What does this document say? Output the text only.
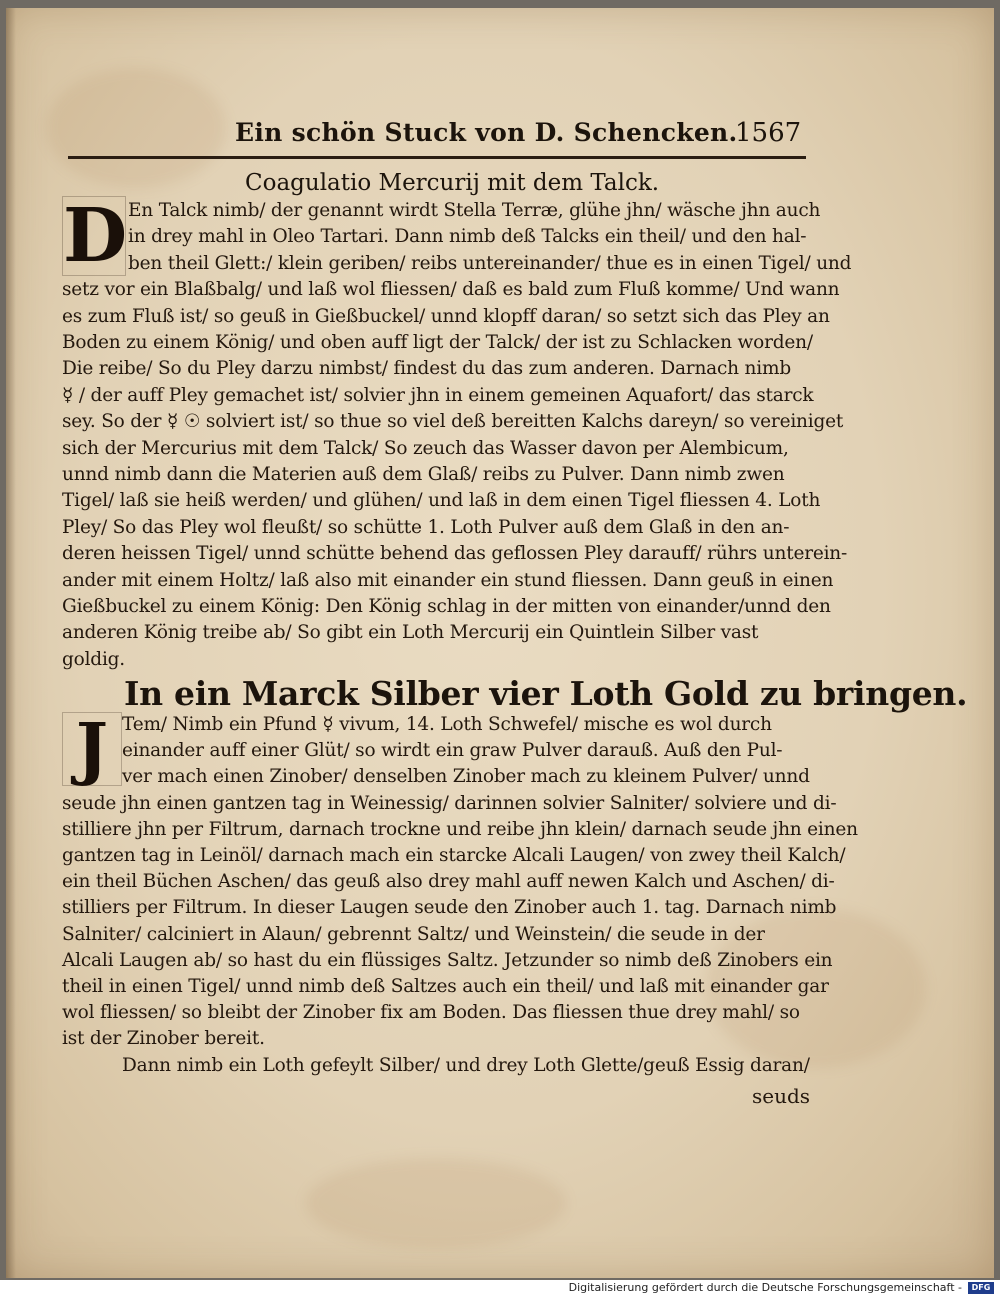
Ein schön Stuck von D. Schencken.
1567
Coagulatio Mercurij mit dem Talck.
D En Talck nimb/ der genannt wirdt Stella Terræ, glühe jhn/ wäsche jhn auch
in drey mahl in Oleo Tartari. Dann nimb deß Talcks ein theil/ und den hal-
ben theil Glett:/ klein geriben/ reibs untereinander/ thue es in einen Tigel/ und
setz vor ein Blaßbalg/ und laß wol fliessen/ daß es bald zum Fluß komme/ Und wann
es zum Fluß ist/ so geuß in Gießbuckel/ unnd klopff daran/ so setzt sich das Pley an
Boden zu einem König/ und oben auff ligt der Talck/ der ist zu Schlacken worden/
Die reibe/ So du Pley darzu nimbst/ findest du das zum anderen. Darnach nimb
☿ / der auff Pley gemachet ist/ solvier jhn in einem gemeinen Aquafort/ das starck
sey. So der ☿ ☉ solviert ist/ so thue so viel deß bereitten Kalchs dareyn/ so vereiniget
sich der Mercurius mit dem Talck/ So zeuch das Wasser davon per Alembicum,
unnd nimb dann die Materien auß dem Glaß/ reibs zu Pulver. Dann nimb zwen
Tigel/ laß sie heiß werden/ und glühen/ und laß in dem einen Tigel fliessen 4. Loth
Pley/ So das Pley wol fleußt/ so schütte 1. Loth Pulver auß dem Glaß in den an-
deren heissen Tigel/ unnd schütte behend das geflossen Pley darauff/ rührs unterein-
ander mit einem Holtz/ laß also mit einander ein stund fliessen. Dann geuß in einen
Gießbuckel zu einem König: Den König schlag in der mitten von einander/unnd den
anderen König treibe ab/ So gibt ein Loth Mercurij ein Quintlein Silber vast
goldig.
In ein Marck Silber vier Loth Gold zu bringen.
J Tem/ Nimb ein Pfund ☿ vivum, 14. Loth Schwefel/ mische es wol durch
einander auff einer Glüt/ so wirdt ein graw Pulver darauß. Auß den Pul-
ver mach einen Zinober/ denselben Zinober mach zu kleinem Pulver/ unnd
seude jhn einen gantzen tag in Weinessig/ darinnen solvier Salniter/ solviere und di-
stilliere jhn per Filtrum, darnach trockne und reibe jhn klein/ darnach seude jhn einen
gantzen tag in Leinöl/ darnach mach ein starcke Alcali Laugen/ von zwey theil Kalch/
ein theil Büchen Aschen/ das geuß also drey mahl auff newen Kalch und Aschen/ di-
stilliers per Filtrum. In dieser Laugen seude den Zinober auch 1. tag. Darnach nimb
Salniter/ calciniert in Alaun/ gebrennt Saltz/ und Weinstein/ die seude in der
Alcali Laugen ab/ so hast du ein flüssiges Saltz. Jetzunder so nimb deß Zinobers ein
theil in einen Tigel/ unnd nimb deß Saltzes auch ein theil/ und laß mit einander gar
wol fliessen/ so bleibt der Zinober fix am Boden. Das fliessen thue drey mahl/ so
ist der Zinober bereit.
Dann nimb ein Loth gefeylt Silber/ und drey Loth Glette/geuß Essig daran/
seuds
Digitalisierung gefördert durch die Deutsche Forschungsgemeinschaft -	DFG
